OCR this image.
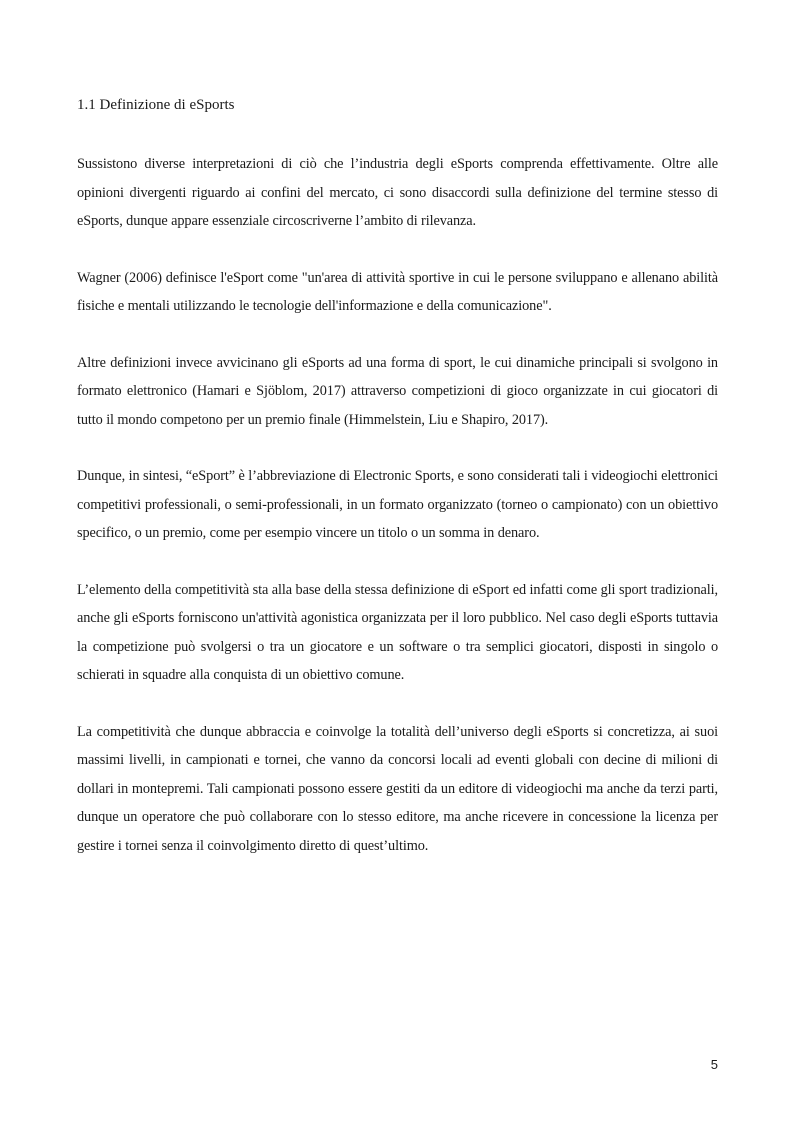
1.1 Definizione di eSports

Sussistono diverse interpretazioni di ciò che l’industria degli eSports comprenda effettivamente. Oltre alle opinioni divergenti riguardo ai confini del mercato, ci sono disaccordi sulla definizione del termine stesso di eSports, dunque appare essenziale circoscriverne l’ambito di rilevanza.

Wagner (2006) definisce l'eSport come "un'area di attività sportive in cui le persone sviluppano e allenano abilità fisiche e mentali utilizzando le tecnologie dell'informazione e della comunicazione".

Altre definizioni invece avvicinano gli eSports ad una forma di sport, le cui dinamiche principali si svolgono in formato elettronico (Hamari e Sjöblom, 2017) attraverso competizioni di gioco organizzate in cui giocatori di tutto il mondo competono per un premio finale (Himmelstein, Liu e Shapiro, 2017).

Dunque, in sintesi, “eSport” è l’abbreviazione di Electronic Sports, e sono considerati tali i videogiochi elettronici competitivi professionali, o semi-professionali, in un formato organizzato (torneo o campionato) con un obiettivo specifico, o un premio, come per esempio vincere un titolo o un somma in denaro.

L’elemento della competitività sta alla base della stessa definizione di eSport ed infatti come gli sport tradizionali, anche gli eSports forniscono un'attività agonistica organizzata per il loro pubblico. Nel caso degli eSports tuttavia la competizione può svolgersi o tra un giocatore e un software o tra semplici giocatori, disposti in singolo o schierati in squadre alla conquista di un obiettivo comune.

La competitività che dunque abbraccia e coinvolge la totalità dell’universo degli eSports si concretizza, ai suoi massimi livelli, in campionati e tornei, che vanno da concorsi locali ad eventi globali con decine di milioni di dollari in montepremi. Tali campionati possono essere gestiti da un editore di videogiochi ma anche da terzi parti, dunque un operatore che può collaborare con lo stesso editore, ma anche ricevere in concessione la licenza per gestire i tornei senza il coinvolgimento diretto di quest’ultimo.

5
